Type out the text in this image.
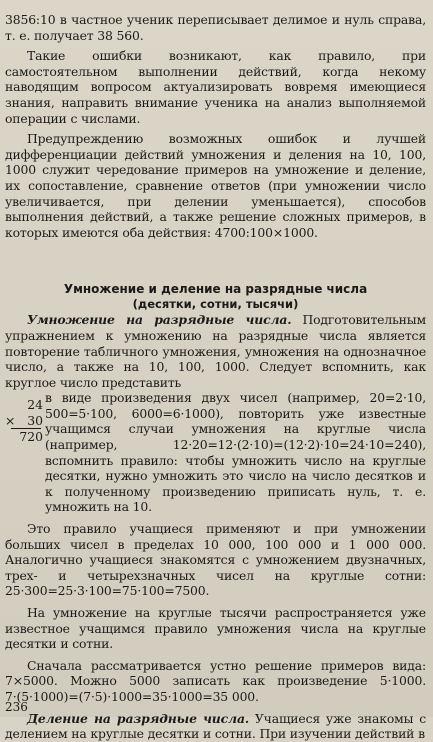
3856:10 в частное ученик переписывает делимое и нуль справа, т. е. получает 38 560.

Такие ошибки возникают, как правило, при самостоятельном выполнении действий, когда некому наводящим вопросом актуализировать вовремя имеющиеся знания, направить внимание ученика на анализ выполняемой операции с числами.

Предупреждению возможных ошибок и лучшей дифференциации действий умножения и деления на 10, 100, 1000 служит чередование примеров на умножение и деление, их сопоставление, сравнение ответов (при умножении число увеличивается, при делении уменьшается), способов выполнения действий, а также решение сложных примеров, в которых имеются оба действия: 4700:100×1000.

Умножение и деление на разрядные числа
(десятки, сотни, тысячи)

Умножение на разрядные числа. Подготовительным упражнением к умножению на разрядные числа является повторение табличного умножения, умножения на однозначное число, а также на 10, 100, 1000. Следует вспомнить, как круглое число представить

24
× 30
720

в виде произведения двух чисел (например, 20=2·10, 500=5·100, 6000=6·1000), повторить уже известные учащимся случаи умножения на круглые числа (например, 12·20=12·(2·10)=(12·2)·10=24·10=240), вспомнить правило: чтобы умножить число на круглые десятки, нужно умножить это число на число десятков и к полученному произведению приписать нуль, т. е. умножить на 10.

Это правило учащиеся применяют и при умножении больших чисел в пределах 10 000, 100 000 и 1 000 000. Аналогично учащиеся знакомятся с умножением двузначных, трех- и четырехзначных чисел на круглые сотни: 25·300=25·3·100=75·100=7500.

На умножение на круглые тысячи распространяется уже известное учащимся правило умножения числа на круглые десятки и сотни.

Сначала рассматривается устно решение примеров вида: 7×5000. Можно 5000 записать как произведение 5·1000. 7·(5·1000)=(7·5)·1000=35·1000=35 000.

Деление на разрядные числа. Учащиеся уже знакомы с делением на круглые десятки и сотни. При изучении действий в

236
